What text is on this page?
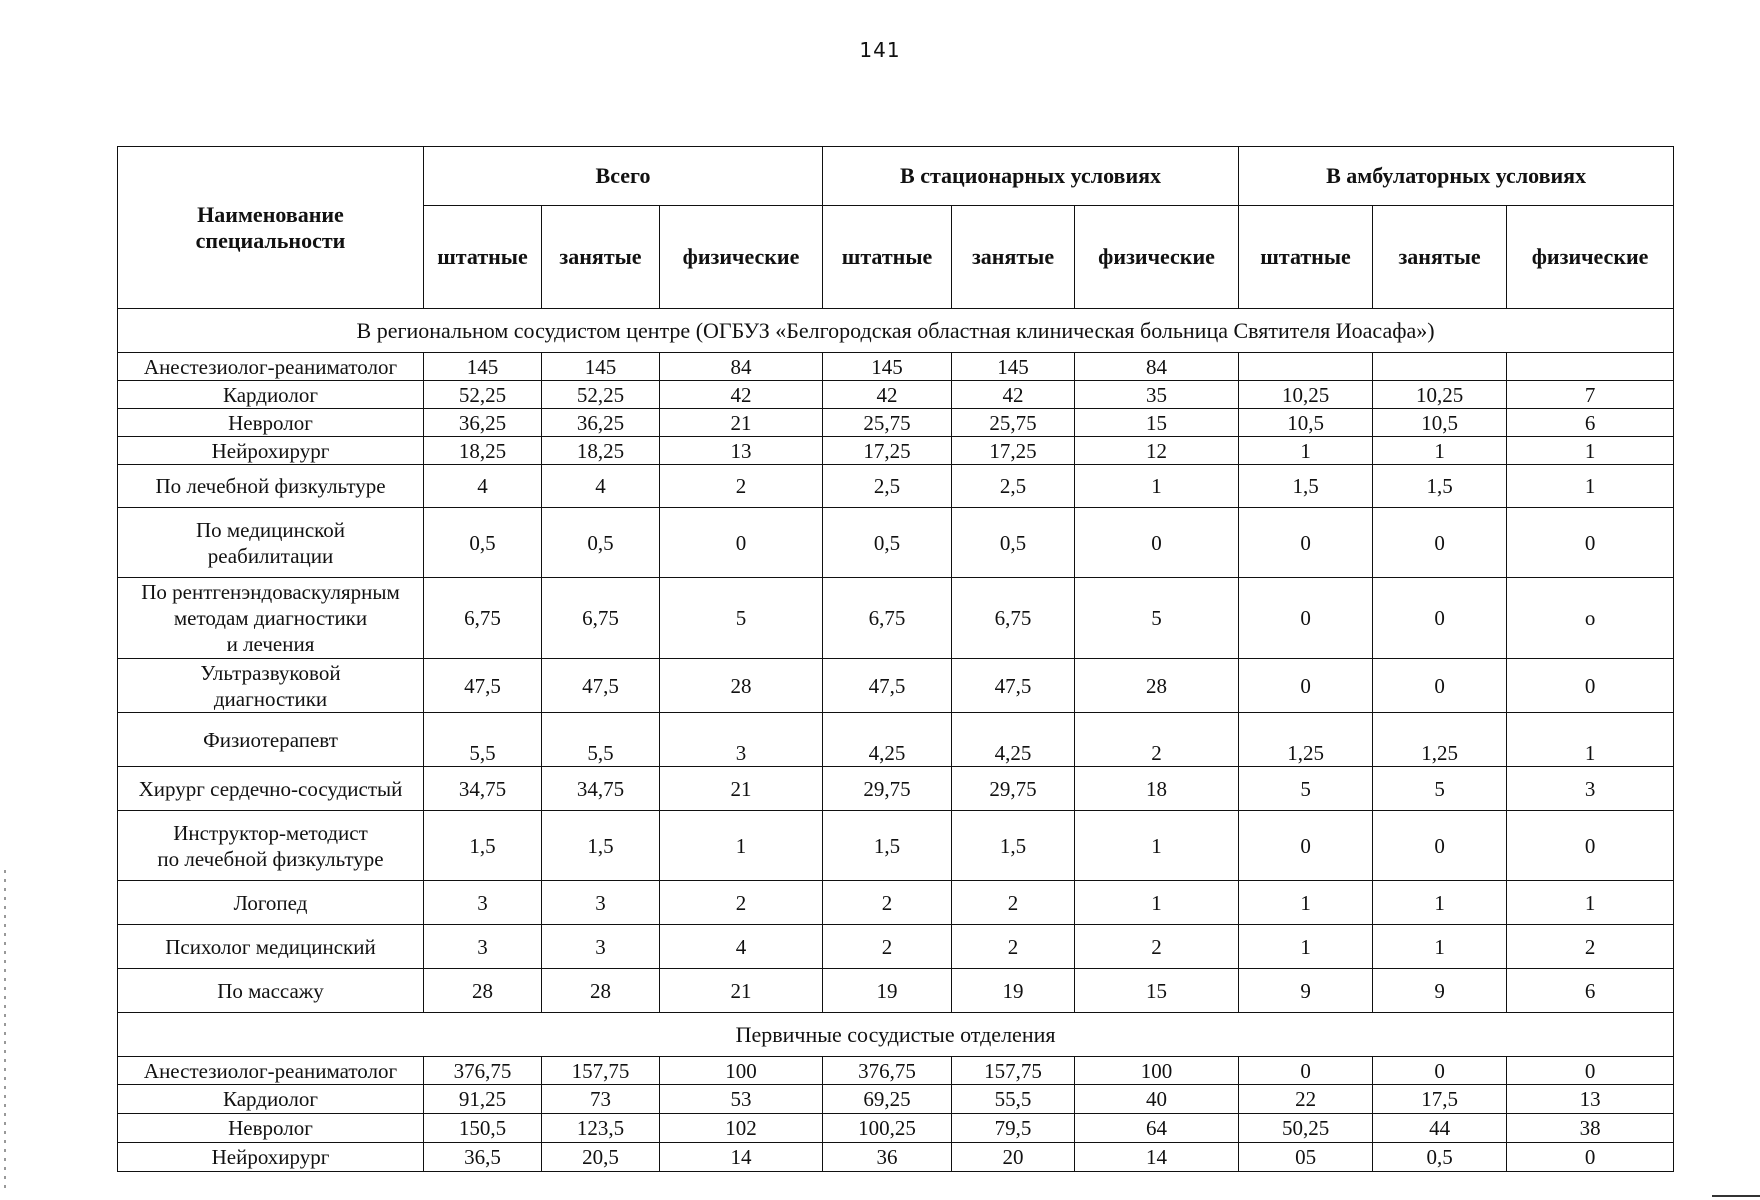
141
Наименование специальности	Всего			В стационарных условиях			В амбулаторных условиях		
	штатные	занятые	физические	штатные	занятые	физические	штатные	занятые	физические
В региональном сосудистом центре (ОГБУЗ «Белгородская областная клиническая больница Святителя Иоасафа»)									
Анестезиолог-реаниматолог	145	145	84	145	145	84			
Кардиолог	52,25	52,25	42	42	42	35	10,25	10,25	7
Невролог	36,25	36,25	21	25,75	25,75	15	10,5	10,5	6
Нейрохирург	18,25	18,25	13	17,25	17,25	12	1	1	1
По лечебной физкультуре	4	4	2	2,5	2,5	1	1,5	1,5	1
По медицинской
реабилитации	0,5	0,5	0	0,5	0,5	0	0	0	0
По рентгенэндоваскулярным
методам диагностики
и лечения	6,75	6,75	5	6,75	6,75	5	0	0	о
Ультразвуковой
диагностики	47,5	47,5	28	47,5	47,5	28	0	0	0
Физиотерапевт	5,5	5,5	3	4,25	4,25	2	1,25	1,25	1
Хирург сердечно-сосудистый	34,75	34,75	21	29,75	29,75	18	5	5	3
Инструктор-методист
по лечебной физкультуре	1,5	1,5	1	1,5	1,5	1	0	0	0
Логопед	3	3	2	2	2	1	1	1	1
Психолог медицинский	3	3	4	2	2	2	1	1	2
По массажу	28	28	21	19	19	15	9	9	6
Первичные сосудистые отделения									
Анестезиолог-реаниматолог	376,75	157,75	100	376,75	157,75	100	0	0	0
Кардиолог	91,25	73	53	69,25	55,5	40	22	17,5	13
Невролог	150,5	123,5	102	100,25	79,5	64	50,25	44	38
Нейрохирург	36,5	20,5	14	36	20	14	05	0,5	0
